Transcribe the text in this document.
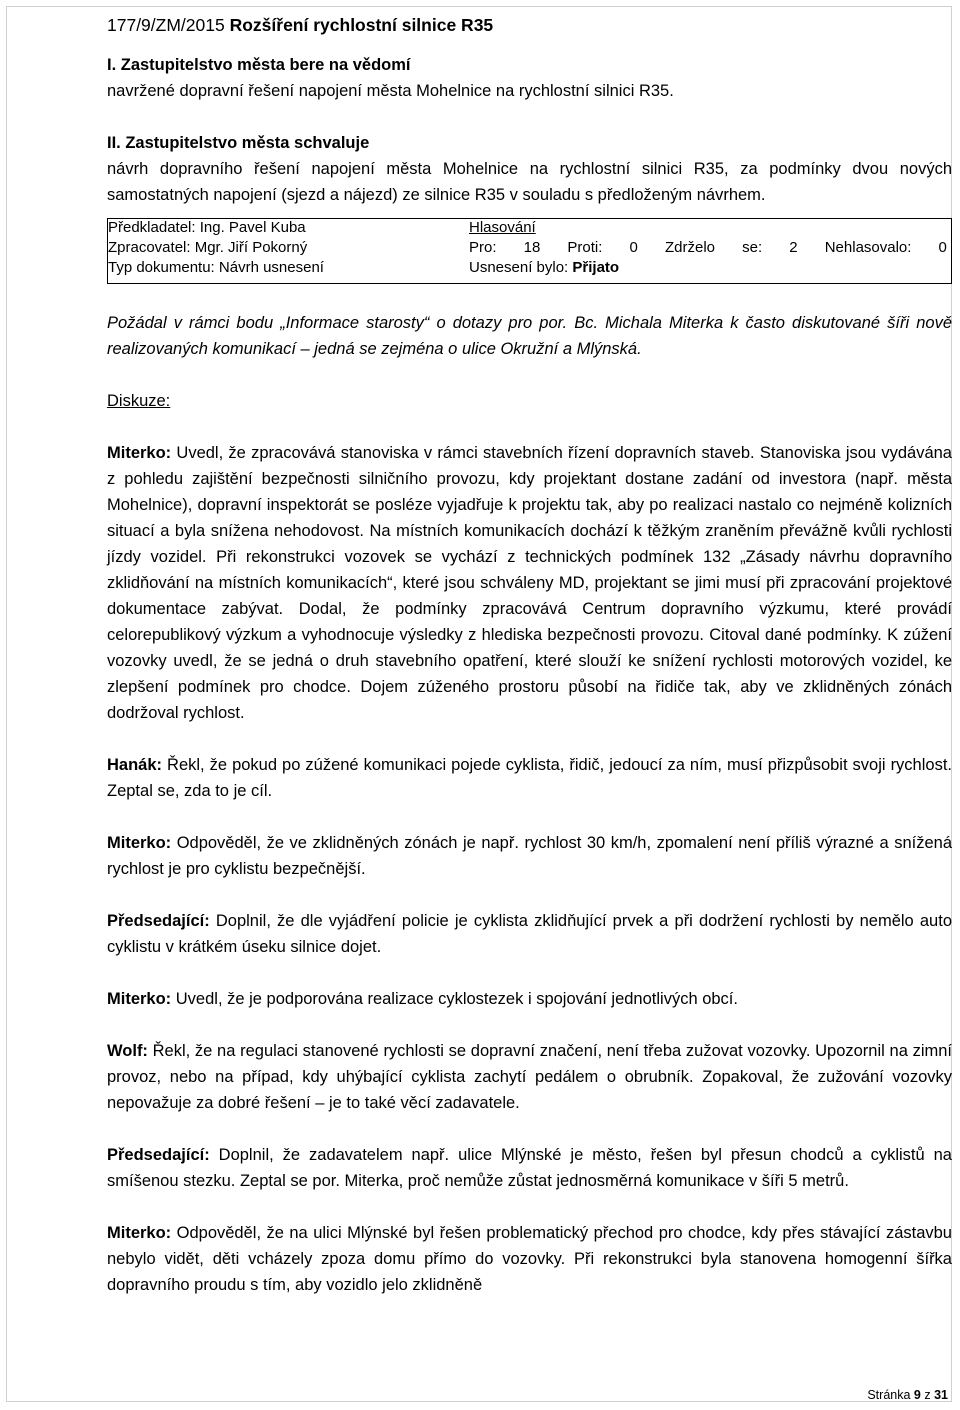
177/9/ZM/2015 Rozšíření rychlostní silnice R35

I. Zastupitelstvo města bere na vědomí

navržené dopravní řešení napojení města Mohelnice na rychlostní silnici R35.

II. Zastupitelstvo města schvaluje

návrh dopravního řešení napojení města Mohelnice na rychlostní silnici R35, za podmínky dvou nových samostatných napojení (sjezd a nájezd) ze silnice R35 v souladu s předloženým návrhem.

Předkladatel: Ing. Pavel Kuba
Zpracovatel: Mgr. Jiří Pokorný
Typ dokumentu: Návrh usnesení
Hlasování
Pro: 18 Proti: 0 Zdrželo se: 2 Nehlasovalo: 0
Usnesení bylo: Přijato

Požádal v rámci bodu „Informace starosty“ o dotazy pro por. Bc. Michala Miterka k často diskutované šíři nově realizovaných komunikací – jedná se zejména o ulice Okružní a Mlýnská.

Diskuze:

Miterko: Uvedl, že zpracovává stanoviska v rámci stavebních řízení dopravních staveb. Stanoviska jsou vydávána z pohledu zajištění bezpečnosti silničního provozu, kdy projektant dostane zadání od investora (např. města Mohelnice), dopravní inspektorát se posléze vyjadřuje k projektu tak, aby po realizaci nastalo co nejméně kolizních situací a byla snížena nehodovost. Na místních komunikacích dochází k těžkým zraněním převážně kvůli rychlosti jízdy vozidel. Při rekonstrukci vozovek se vychází z technických podmínek 132 „Zásady návrhu dopravního zklidňování na místních komunikacích“, které jsou schváleny MD, projektant se jimi musí při zpracování projektové dokumentace zabývat. Dodal, že podmínky zpracovává Centrum dopravního výzkumu, které provádí celorepublikový výzkum a vyhodnocuje výsledky z hlediska bezpečnosti provozu. Citoval dané podmínky. K zúžení vozovky uvedl, že se jedná o druh stavebního opatření, které slouží ke snížení rychlosti motorových vozidel, ke zlepšení podmínek pro chodce. Dojem zúženého prostoru působí na řidiče tak, aby ve zklidněných zónách dodržoval rychlost.

Hanák: Řekl, že pokud po zúžené komunikaci pojede cyklista, řidič, jedoucí za ním, musí přizpůsobit svoji rychlost. Zeptal se, zda to je cíl.

Miterko: Odpověděl, že ve zklidněných zónách je např. rychlost 30 km/h, zpomalení není příliš výrazné a snížená rychlost je pro cyklistu bezpečnější.

Předsedající: Doplnil, že dle vyjádření policie je cyklista zklidňující prvek a při dodržení rychlosti by nemělo auto cyklistu v krátkém úseku silnice dojet.

Miterko: Uvedl, že je podporována realizace cyklostezek i spojování jednotlivých obcí.

Wolf: Řekl, že na regulaci stanovené rychlosti se dopravní značení, není třeba zužovat vozovky. Upozornil na zimní provoz, nebo na případ, kdy uhýbající cyklista zachytí pedálem o obrubník. Zopakoval, že zužování vozovky nepovažuje za dobré řešení – je to také věcí zadavatele.

Předsedající: Doplnil, že zadavatelem např. ulice Mlýnské je město, řešen byl přesun chodců a cyklistů na smíšenou stezku. Zeptal se por. Miterka, proč nemůže zůstat jednosměrná komunikace v šíři 5 metrů.

Miterko: Odpověděl, že na ulici Mlýnské byl řešen problematický přechod pro chodce, kdy přes stávající zástavbu nebylo vidět, děti vcházely zpoza domu přímo do vozovky. Při rekonstrukci byla stanovena homogenní šířka dopravního proudu s tím, aby vozidlo jelo zklidněně

Stránka 9 z 31
